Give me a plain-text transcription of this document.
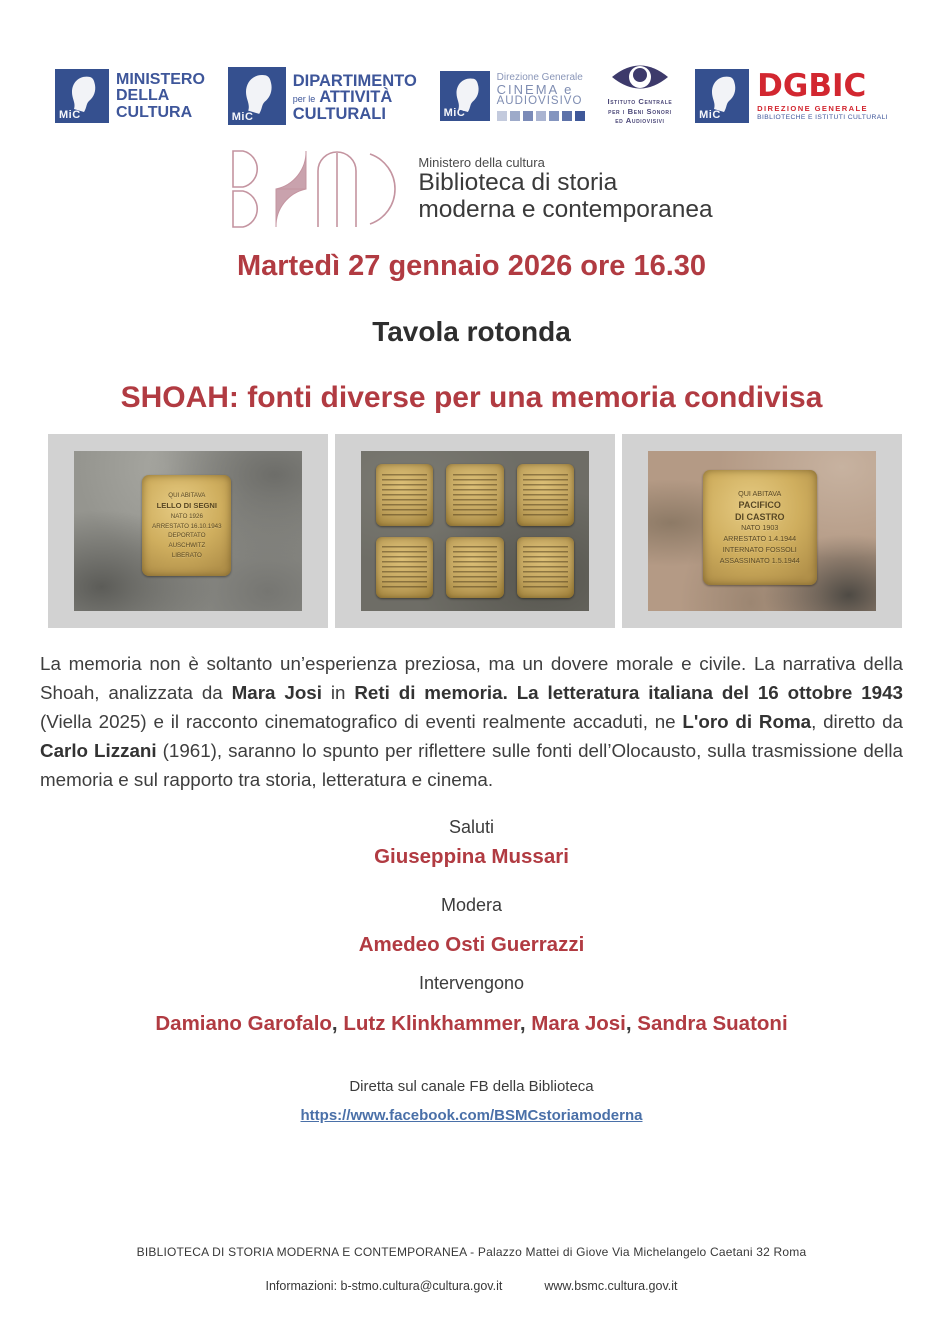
MiC
MINISTERO
DELLA
CULTURA	MiC
DIPARTIMENTO
per le ATTIVITÀ
CULTURALI	MiC
Direzione Generale
CINEMA e
AUDIOVISIVO	Istituto Centrale
per i Beni Sonori
ed Audiovisivi	MiC
DGBIC
DIREZIONE GENERALE
BIBLIOTECHE E ISTITUTI CULTURALI
Ministero della cultura
Biblioteca di storia
moderna e contemporanea
Martedì 27 gennaio 2026 ore 16.30
Tavola rotonda
SHOAH: fonti diverse per una memoria condivisa
QUI ABITAVA
LELLO DI SEGNI
NATO 1926
ARRESTATO 16.10.1943
DEPORTATO
AUSCHWITZ
LIBERATO
QUI ABITAVA
PACIFICO
DI CASTRO
NATO 1903
ARRESTATO 1.4.1944
INTERNATO FOSSOLI
ASSASSINATO 1.5.1944
La memoria non è soltanto un’esperienza preziosa, ma un dovere morale e civile. La narrativa della Shoah, analizzata da Mara Josi in Reti di memoria. La letteratura italiana del 16 ottobre 1943 (Viella 2025) e il racconto cinematografico di eventi realmente accaduti, ne L'oro di Roma, diretto da Carlo Lizzani (1961), saranno lo spunto per riflettere sulle fonti dell’Olocausto, sulla trasmissione della memoria e sul rapporto tra storia, letteratura e cinema.
Saluti
Giuseppina Mussari
Modera
Amedeo Osti Guerrazzi
Intervengono
Damiano Garofalo, Lutz Klinkhammer, Mara Josi, Sandra Suatoni
Diretta sul canale FB della Biblioteca
https://www.facebook.com/BSMCstoriamoderna
BIBLIOTECA DI STORIA MODERNA E CONTEMPORANEA - Palazzo Mattei di Giove Via Michelangelo Caetani 32 Roma
Informazioni: b-stmo.cultura@cultura.gov.it	www.bsmc.cultura.gov.it
